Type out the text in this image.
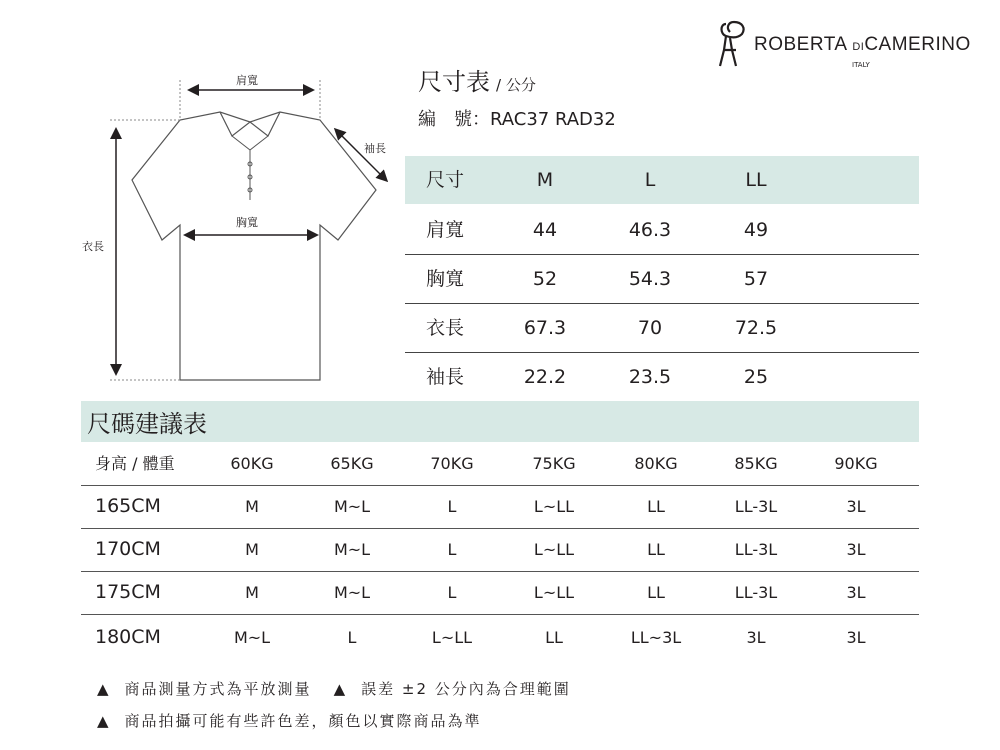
ROBERTA DICAMERINO
ITALY
肩寬
袖長
胸寬
衣長
尺寸表 / 公分
編　號：RAC37 RAD32
尺寸	M	L	LL
肩寬	44	46.3	49
胸寬	52	54.3	57
衣長	67.3	70	72.5
袖長	22.2	23.5	25
尺碼建議表
身高 / 體重	60KG	65KG	70KG	75KG	80KG	85KG	90KG
165CM	M	M~L	L	L~LL	LL	LL-3L	3L
170CM	M	M~L	L	L~LL	LL	LL-3L	3L
175CM	M	M~L	L	L~LL	LL	LL-3L	3L
180CM	M~L	L	L~LL	LL	LL~3L	3L	3L
▲ 商品測量方式為平放測量 ▲ 誤差 ±2 公分內為合理範圍
▲ 商品拍攝可能有些許色差，顏色以實際商品為準
